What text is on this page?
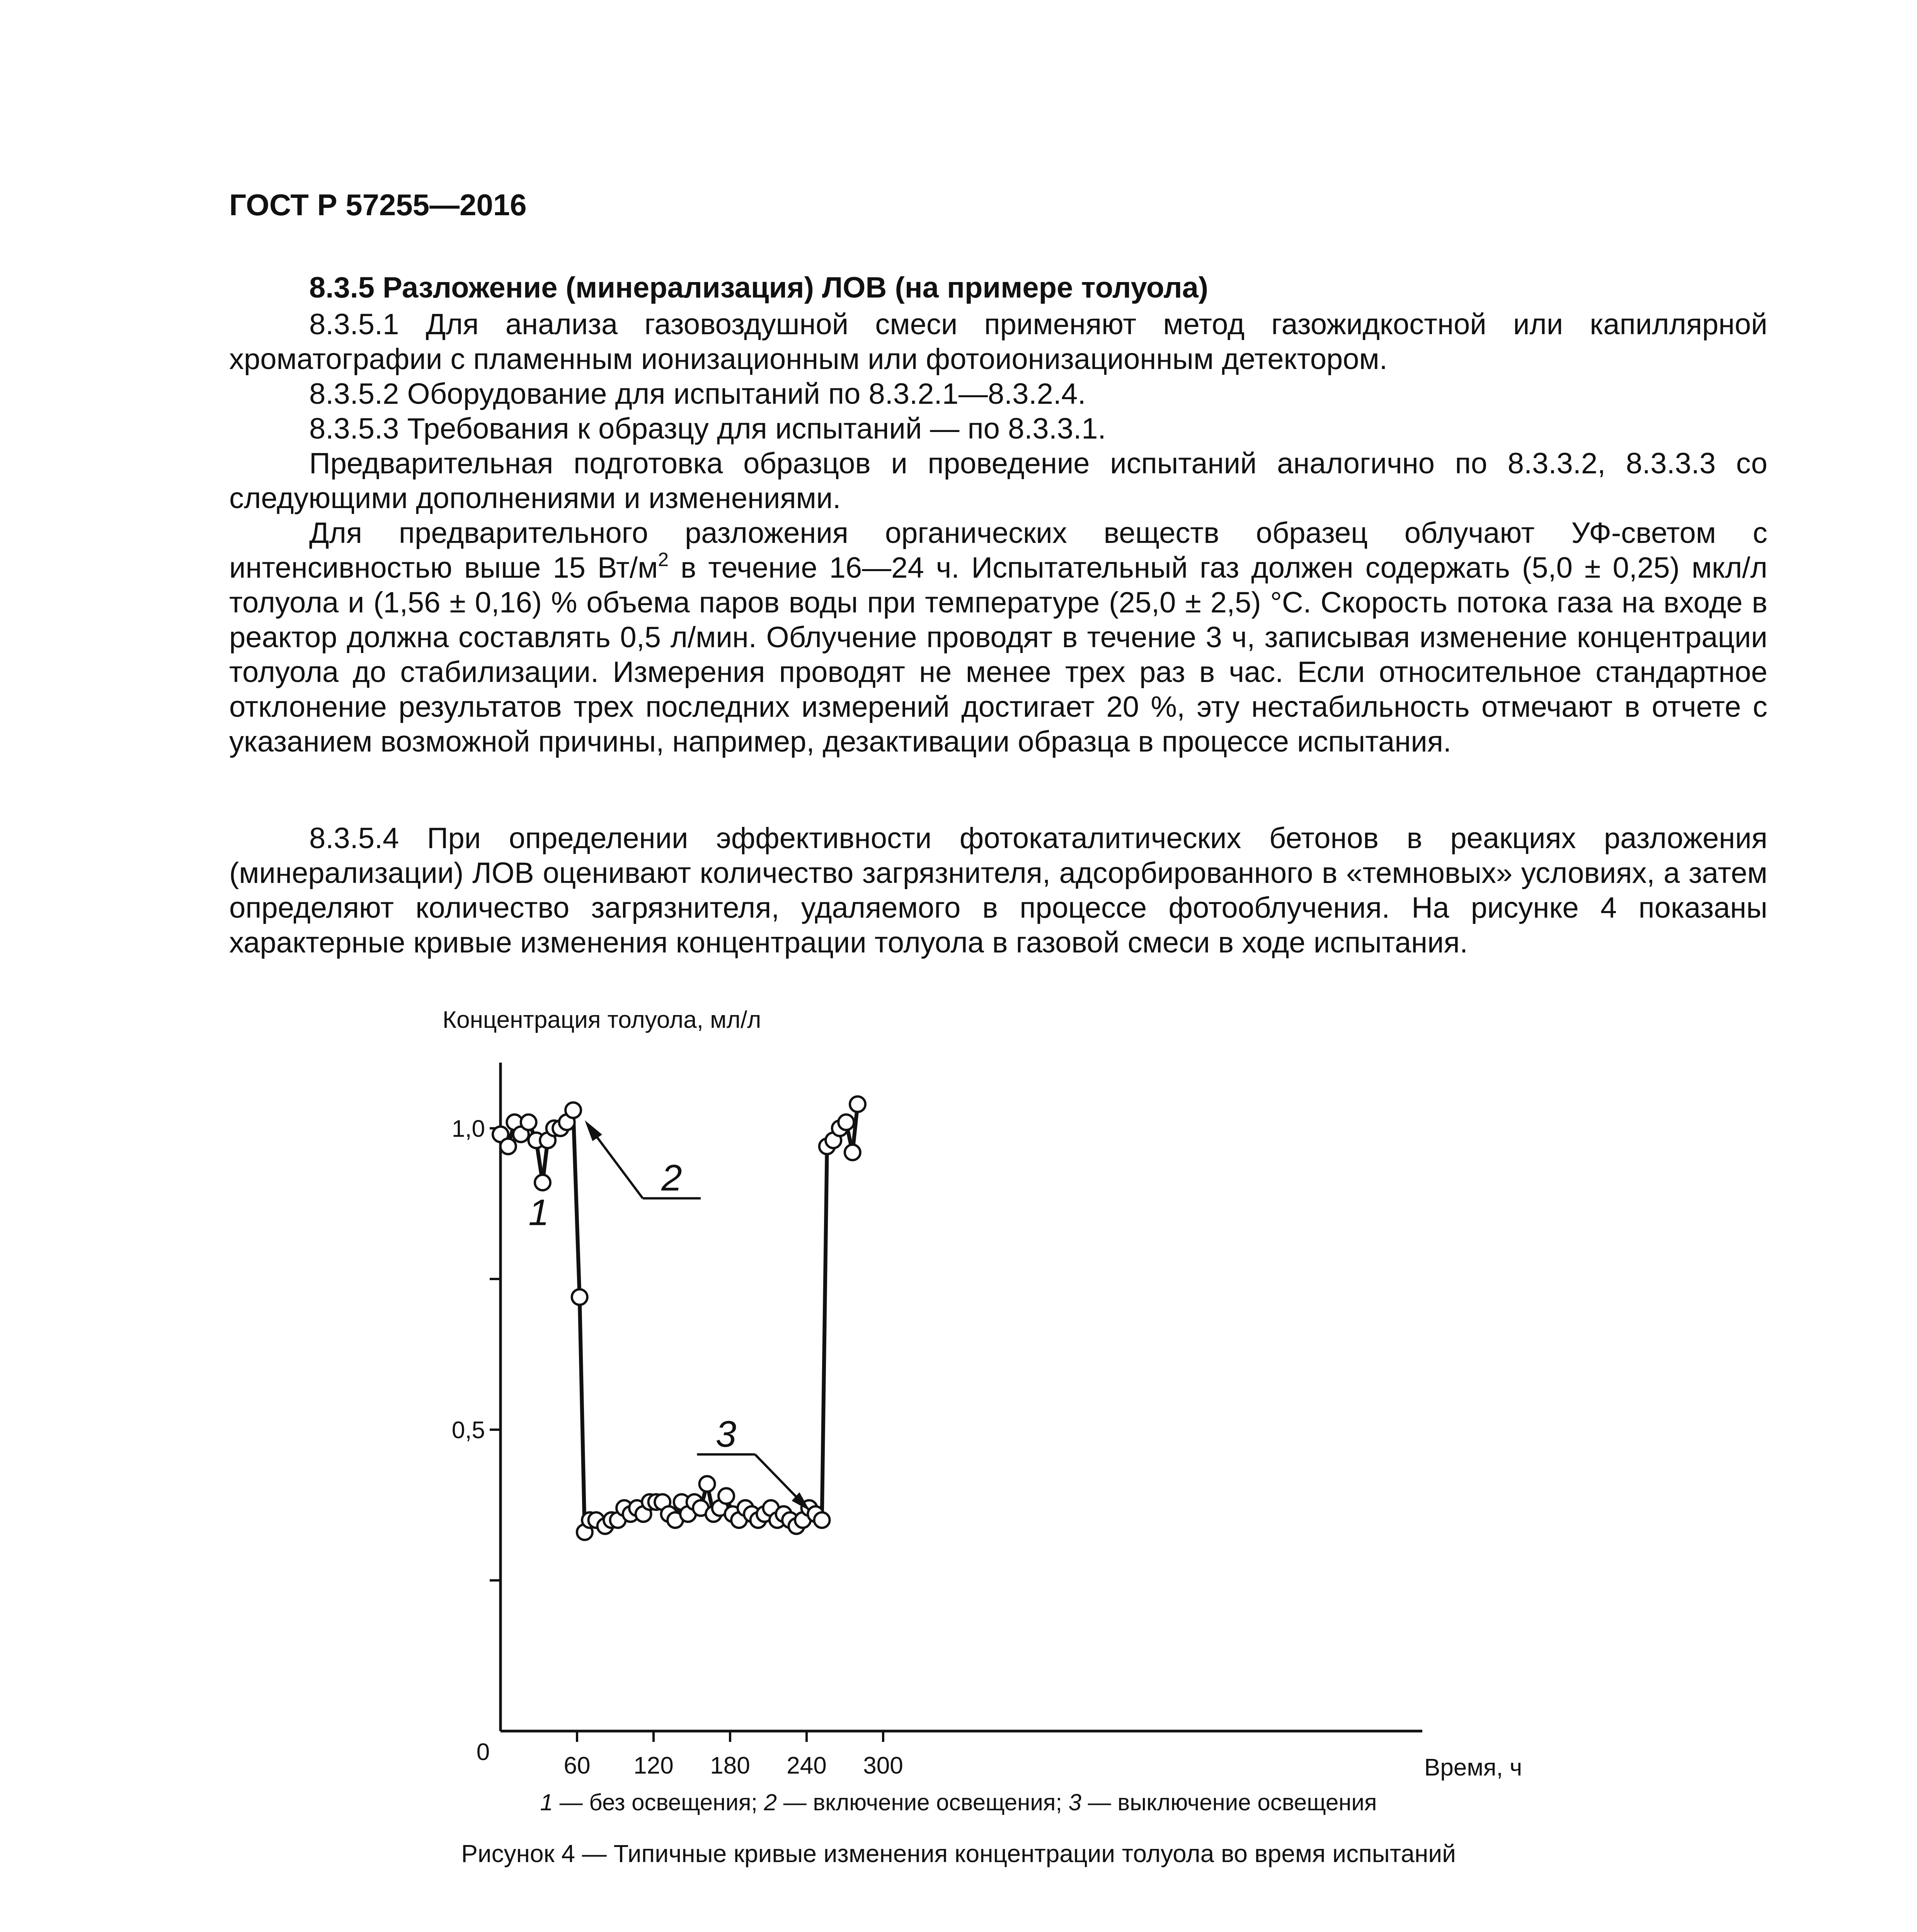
ГОСТ Р 57255—2016
8.3.5 Разложение (минерализация) ЛОВ (на примере толуола)
8.3.5.1 Для анализа газовоздушной смеси применяют метод газожидкостной или капиллярной хроматографии с пламенным ионизационным или фотоионизационным детектором.
8.3.5.2 Оборудование для испытаний по 8.3.2.1—8.3.2.4.
8.3.5.3 Требования к образцу для испытаний — по 8.3.3.1.
Предварительная подготовка образцов и проведение испытаний аналогично по 8.3.3.2, 8.3.3.3 со следующими дополнениями и изменениями.
Для предварительного разложения органических веществ образец облучают УФ-светом с интенсивностью выше 15 $Вт/м^2$ в течение 16—24 ч. Испытательный газ должен содержать (5,0 ± 0,25) мкл/л толуола и (1,56 ± 0,16) % объема паров воды при температуре (25,0 ± 2,5) °С. Скорость потока газа на входе в реактор должна составлять 0,5 л/мин. Облучение проводят в течение 3 ч, записывая изменение концентрации толуола до стабилизации. Измерения проводят не менее трех раз в час. Если относительное стандартное отклонение результатов трех последних измерений достигает 20 %, эту нестабильность отмечают в отчете с указанием возможной причины, например, дезактивации образца в процессе испытания.
8.3.5.4 При определении эффективности фотокаталитических бетонов в реакциях разложения (минерализации) ЛОВ оценивают количество загрязнителя, адсорбированного в «темновых» условиях, а затем определяют количество загрязнителя, удаляемого в процессе фотооблучения. На рисунке 4 показаны характерные кривые изменения концентрации толуола в газовой смеси в ходе испытания.
Концентрация толуола, мл/л
0,5
1,0
60 120 180 240 300
0
Время, ч
1
2
3
1 — без освещения; 2 — включение освещения; 3 — выключение освещения
Рисунок 4 — Типичные кривые изменения концентрации толуола во время испытаний
